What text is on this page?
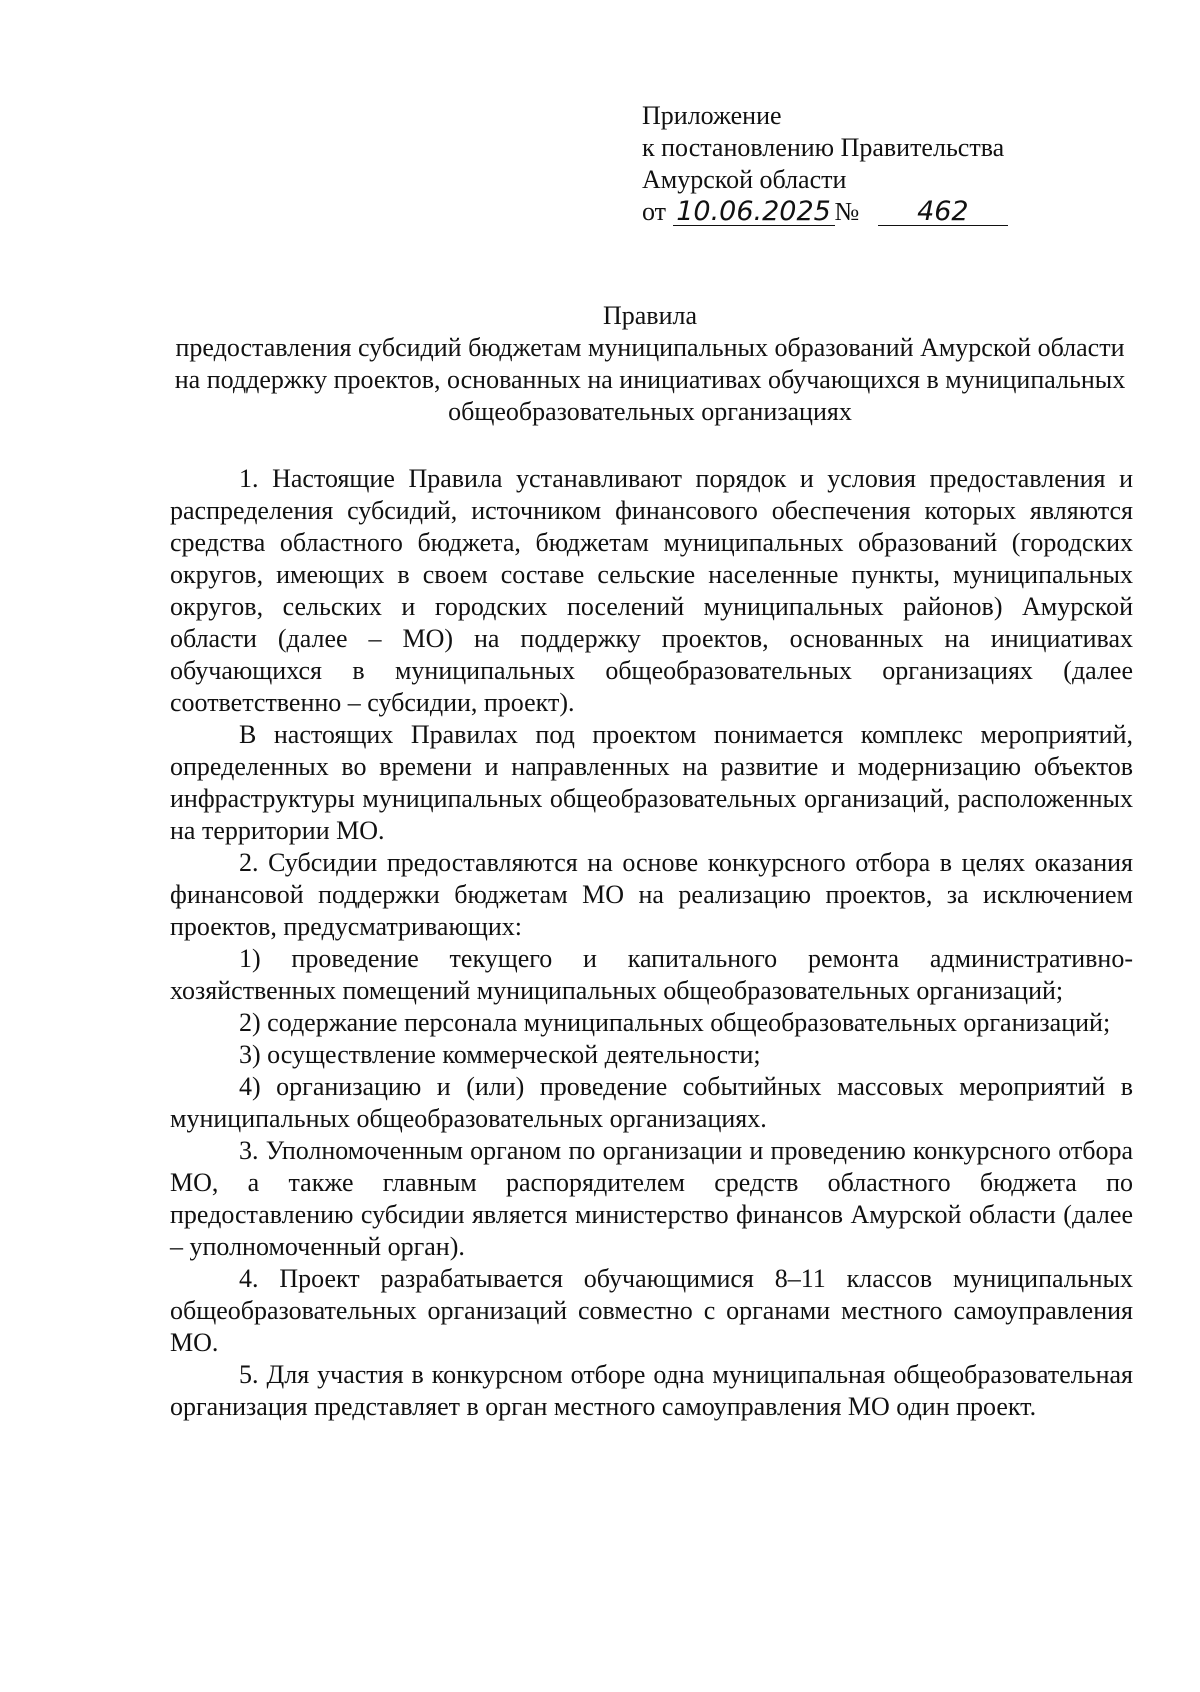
Приложение
к постановлению Правительства
Амурской области
от 10.06.2025 № 462
Правила
предоставления субсидий бюджетам муниципальных образований Амурской области на поддержку проектов, основанных на инициативах обучающихся в муниципальных общеобразовательных организациях

1. Настоящие Правила устанавливают порядок и условия предоставления и распределения субсидий, источником финансового обеспечения которых являются средства областного бюджета, бюджетам муниципальных образований (городских округов, имеющих в своем составе сельские населенные пункты, муниципальных округов, сельских и городских поселений муниципальных районов) Амурской области (далее – МО) на поддержку проектов, основанных на инициативах обучающихся в муниципальных общеобразовательных организациях (далее соответственно – субсидии, проект).

В настоящих Правилах под проектом понимается комплекс мероприятий, определенных во времени и направленных на развитие и модернизацию объектов инфраструктуры муниципальных общеобразовательных организаций, расположенных на территории МО.

2. Субсидии предоставляются на основе конкурсного отбора в целях оказания финансовой поддержки бюджетам МО на реализацию проектов, за исключением проектов, предусматривающих:

1) проведение текущего и капитального ремонта административно-хозяйственных помещений муниципальных общеобразовательных организаций;

2) содержание персонала муниципальных общеобразовательных организаций;

3) осуществление коммерческой деятельности;

4) организацию и (или) проведение событийных массовых мероприятий в муниципальных общеобразовательных организациях.

3. Уполномоченным органом по организации и проведению конкурсного отбора МО, а также главным распорядителем средств областного бюджета по предоставлению субсидии является министерство финансов Амурской области (далее – уполномоченный орган).

4. Проект разрабатывается обучающимися 8–11 классов муниципальных общеобразовательных организаций совместно с органами местного самоуправления МО.

5. Для участия в конкурсном отборе одна муниципальная общеобразовательная организация представляет в орган местного самоуправления МО один проект.
